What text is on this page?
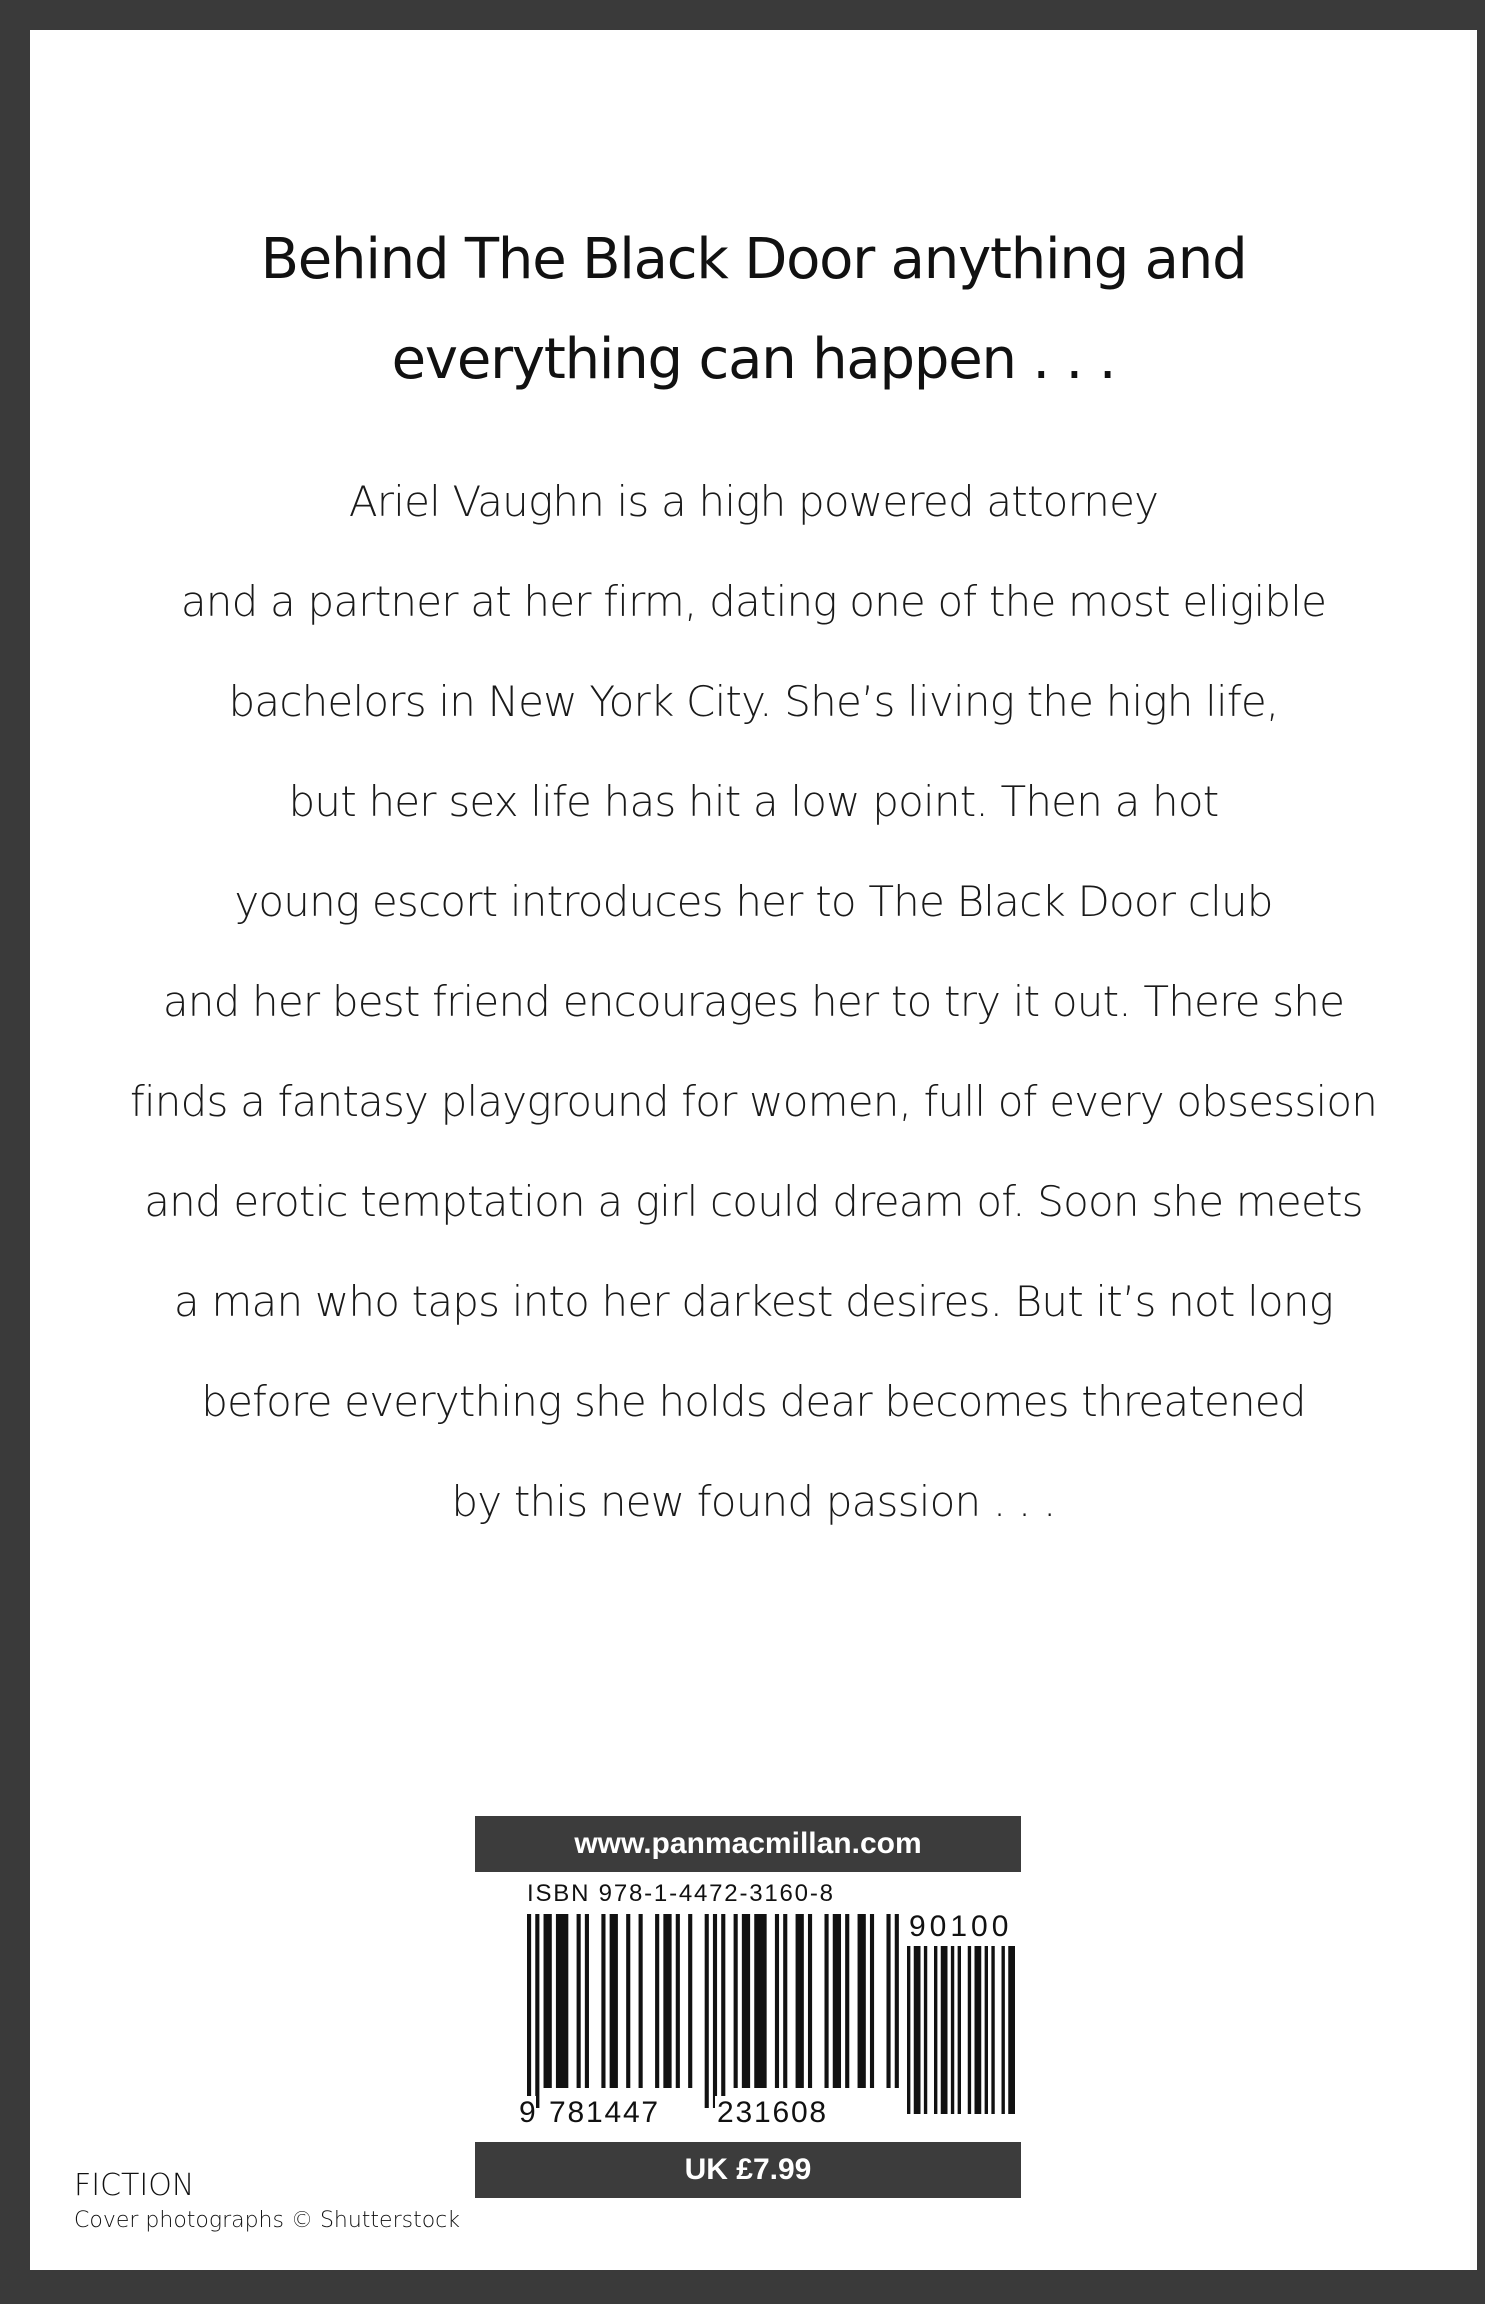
Behind The Black Door anything and
everything can happen . . .
Ariel Vaughn is a high powered attorney
and a partner at her firm, dating one of the most eligible
bachelors in New York City. She’s living the high life,
but her sex life has hit a low point. Then a hot
young escort introduces her to The Black Door club
and her best friend encourages her to try it out. There she
finds a fantasy playground for women, full of every obsession
and erotic temptation a girl could dream of. Soon she meets
a man who taps into her darkest desires. But it’s not long
before everything she holds dear becomes threatened
by this new found passion . . .
www.panmacmillan.com
ISBN 978-1-4472-3160-8
90100
9 781447 231608
UK £7.99
FICTION
Cover photographs © Shutterstock
